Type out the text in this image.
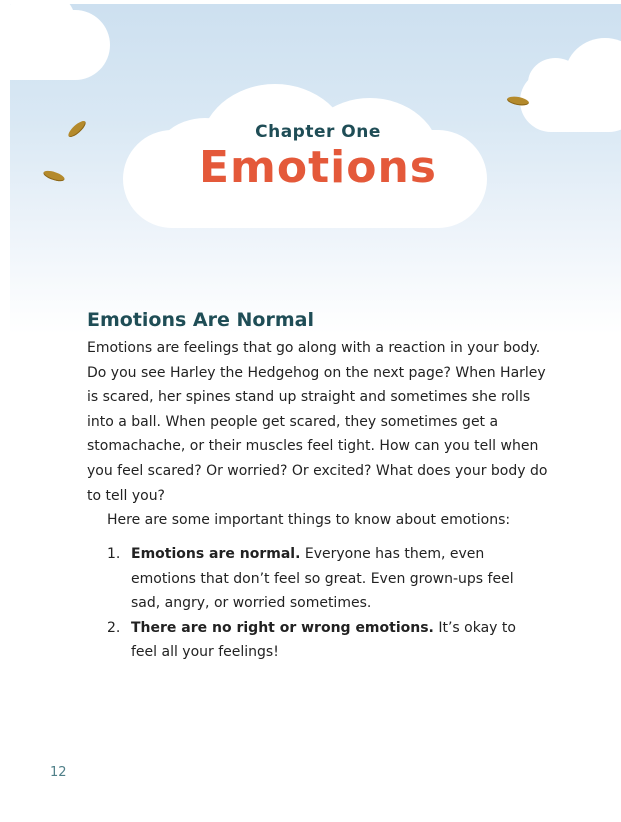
Chapter One
Emotions
Emotions Are Normal

Emotions are feelings that go along with a reaction in your body. Do you see Harley the Hedgehog on the next page? When Harley is scared, her spines stand up straight and sometimes she rolls into a ball. When people get scared, they sometimes get a stomachache, or their muscles feel tight. How can you tell when you feel scared? Or worried? Or excited? What does your body do to tell you?

Here are some important things to know about emotions:

1. Emotions are normal. Everyone has them, even emotions that don’t feel so great. Even grown-ups feel sad, angry, or worried sometimes.
2. There are no right or wrong emotions. It’s okay to feel all your feelings!
12
